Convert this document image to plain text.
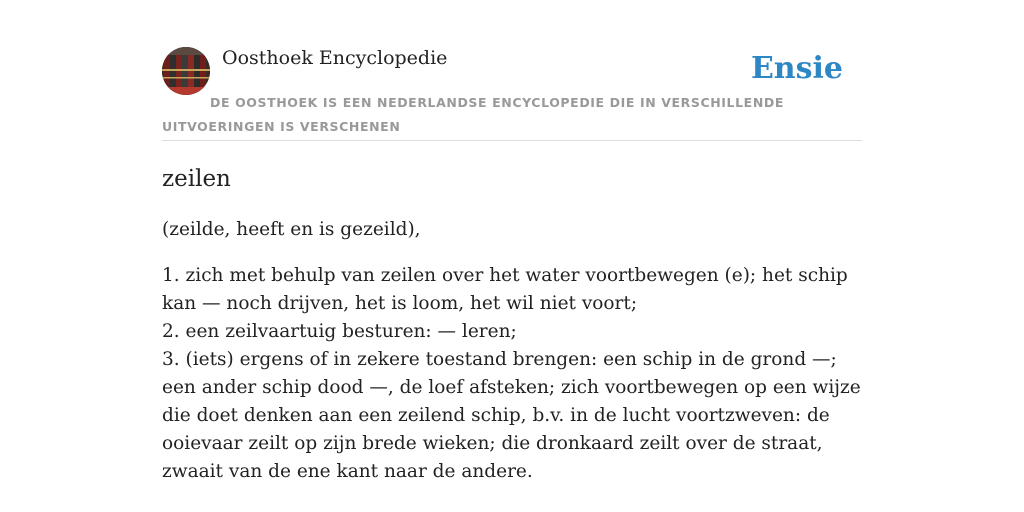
Oosthoek Encyclopedie	Ensie
DE OOSTHOEK IS EEN NEDERLANDSE ENCYCLOPEDIE DIE IN VERSCHILLENDE UITVOERINGEN IS VERSCHENEN
zeilen

(zeilde, heeft en is gezeild),

1. zich met behulp van zeilen over het water voortbewegen (e); het schip kan — noch drijven, het is loom, het wil niet voort;

2. een zeilvaartuig besturen: — leren;

3. (iets) ergens of in zekere toestand brengen: een schip in de grond —; een ander schip dood —, de loef afsteken; zich voortbewegen op een wijze die doet denken aan een zeilend schip, b.v. in de lucht voortzweven: de ooievaar zeilt op zijn brede wieken; die dronkaard zeilt over de straat, zwaait van de ene kant naar de andere.
